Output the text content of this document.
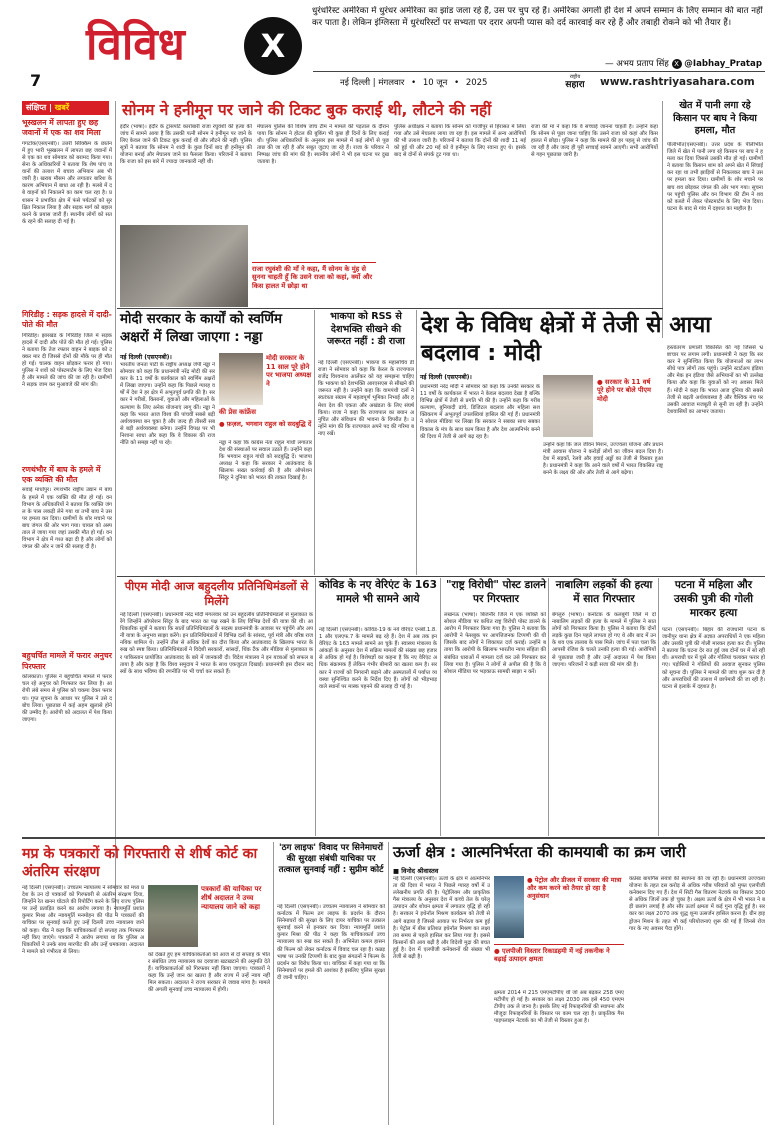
विविध	X
7
धुरंधरिस्ट अमेरिका में धुरंधर अमेरिका का झांड जला रहे हैं, उस पर चुप रहे हैं। अमेरिका अगली ही देश में अपने सम्मान के लिए सम्मान की बात नहीं कर पाता है। लेकिन इंग्लिस्ता में धुरंधरिस्टों पर सभ्यता पर दरार अपनी प्यास को दर्द कारवाई कर रहे हैं और तबाही रोकने को भी तैयार हैं।
— अभय प्रताप सिंह X @Iabhay_Pratap
नई दिल्ली | मंगलवार • 10 जून • 2025
राष्ट्रीय
सहारा	www.rashtriyasahara.com
संक्षिप्त | खबरें
भूस्खलन में लापता हुए छह जवानों में एक का शव मिला
गंगटोक(एसएनबी)। उत्तरी सिक्किम के छातेन में हुए भारी भूस्खलन में लापता छह जवानों में से एक का शव सोमवार को बरामद किया गया। सेना के अधिकारियों ने बताया कि शेष पांच जवानों की तलाश में बचाव अभियान अब भी जारी है। खराब मौसम और लगातार बारिश के कारण अभियान में बाधा आ रही है। मलबे में दबे वाहनों को निकालने का काम चल रहा है। प्रशासन ने प्रभावित क्षेत्र में फंसे पर्यटकों को सुरक्षित निकाल लिया है और सड़क मार्ग को बहाल करने के प्रयास जारी हैं। स्थानीय लोगों को सतर्क रहने की सलाह दी गई है।
गिरिडीह : सड़क हादसे में दादी-पोते की मौत
गिरिडीह। झारखंड के गिरिडीह जिले में सड़क हादसे में दादी और पोते की मौत हो गई। पुलिस ने बताया कि तेज रफ्तार वाहन ने बाइक को टक्कर मार दी जिससे दोनों की मौके पर ही मौत हो गई। चालक वाहन छोड़कर फरार हो गया। पुलिस ने शवों को पोस्टमार्टम के लिए भेज दिया है और मामले की जांच की जा रही है। ग्रामीणों ने सड़क जाम कर मुआवजे की मांग की।
रणथंभौर में बाघ के हमले में एक व्यक्ति की मौत
सवाई माधोपुर। रणथंभौर राष्ट्रीय उद्यान में बाघ के हमले में एक व्यक्ति की मौत हो गई। वन विभाग के अधिकारियों ने बताया कि व्यक्ति जंगल के पास लकड़ी लेने गया था तभी बाघ ने उस पर हमला कर दिया। ग्रामीणों के शोर मचाने पर बाघ जंगल की ओर भाग गया। घायल को अस्पताल ले जाया गया जहां उसकी मौत हो गई। वन विभाग ने क्षेत्र में गश्त बढ़ा दी है और लोगों को जंगल की ओर न जाने की सलाह दी है।
बहुचर्चित मामले में फरार अनुचर पिरफ्तार
कोलकाता। पुलिस ने बहुचर्चित मामले में फरार चल रहे अनुचर को गिरफ्तार कर लिया है। आरोपी लंबे समय से पुलिस को चकमा देकर फरार था। गुप्त सूचना के आधार पर पुलिस ने उसे दबोच लिया। पूछताछ में कई अहम खुलासे होने की उम्मीद है। आरोपी को अदालत में पेश किया जाएगा।
सोनम ने हनीमून पर जाने की टिकट बुक कराई थी, लौटने की नहीं
इंदौर (भाषा)। इंदौर के ट्रांसपोर्ट कारोबारी राजा रघुवंशी की हत्या की जांच में सामने आया है कि उसकी पत्नी सोनम ने हनीमून पर जाने के लिए केवल जाने की टिकट बुक कराई थी और लौटने की नहीं। पुलिस सूत्रों ने बताया कि सोनम ने शादी के कुछ दिनों बाद ही हनीमून की योजना बनाई और मेघालय जाने का फैसला किया। परिजनों ने बताया कि राजा को इस बारे में ज्यादा जानकारी नहीं थी।
मेघालय पुलिस की विशेष जांच टीम ने मामले की पड़ताल के दौरान पाया कि सोनम ने होटल की बुकिंग भी कुछ ही दिनों के लिए कराई थी। पुलिस अधिकारियों के अनुसार इस मामले में कई लोगों से पूछताछ की जा रही है और सबूत जुटाए जा रहे हैं। राजा के परिवार ने निष्पक्ष जांच की मांग की है। स्थानीय लोगों ने भी इस घटना पर दुख जताया है।
पुलिस अधीक्षक ने बताया कि सोनम को गाजीपुर से हिरासत में लिया गया और उसे मेघालय लाया जा रहा है। इस मामले में अन्य आरोपियों की भी तलाश जारी है। परिजनों ने बताया कि दोनों की शादी 11 मई को हुई थी और 20 मई को वे हनीमून के लिए रवाना हुए थे। इसके बाद से दोनों से संपर्क टूट गया था।
राजा की मां ने कहा कि वे सच्चाई जानना चाहती हैं। उन्होंने कहा कि सोनम से पूछा जाना चाहिए कि उसने राजा को कहां और किस हालत में छोड़ा। पुलिस ने कहा कि मामले की हर पहलू से जांच की जा रही है और जल्द ही पूरी सच्चाई सामने आएगी। सभी आरोपियों से गहन पूछताछ जारी है।
राजा रघुवंशी की माँ ने कहा, मैं सोनम के मुंह से सुनना चाहती हूँ कि उसने राजा को कहां, क्यों और किस हालत में छोड़ा था
खेत में पानी लगा रहे किसान पर बाघ ने किया हमला, मौत
पीलीभीत(एसएनबी)। उत्तर प्रदेश के पीलीभीत जिले में खेत में पानी लगा रहे किसान पर बाघ ने हमला कर दिया जिससे उसकी मौत हो गई। ग्रामीणों ने बताया कि किसान शाम को अपने खेत में सिंचाई कर रहा था तभी झाड़ियों से निकलकर बाघ ने उस पर हमला कर दिया। ग्रामीणों के शोर मचाने पर बाघ शव छोड़कर जंगल की ओर भाग गया। सूचना पर पहुंची पुलिस और वन विभाग की टीम ने शव को कब्जे में लेकर पोस्टमार्टम के लिए भेज दिया। घटना के बाद से गांव में दहशत का माहौल है।
मोदी सरकार के कार्यों को स्वर्णिम अक्षरों में लिखा जाएगा : नड्डा
नई दिल्ली (एसएनबी)।
भारतीय जनता पार्टी के राष्ट्रीय अध्यक्ष जेपी नड्डा ने सोमवार को कहा कि प्रधानमंत्री नरेंद्र मोदी की सरकार के 11 वर्षों के कार्यकाल को स्वर्णिम अक्षरों में लिखा जाएगा। उन्होंने कहा कि पिछले ग्यारह वर्षों में देश ने हर क्षेत्र में अभूतपूर्व प्रगति की है। सरकार ने गरीबों, किसानों, युवाओं और महिलाओं के कल्याण के लिए अनेक योजनाएं लागू कीं। नड्डा ने कहा कि भारत आज विश्व की पांचवीं सबसे बड़ी अर्थव्यवस्था बन चुका है और जल्द ही तीसरी सबसे बड़ी अर्थव्यवस्था बनेगा। उन्होंने विपक्ष पर भी निशाना साधा और कहा कि वे विकास की राजनीति को समझ नहीं पा रहे।
मोदी सरकार के 11 साल पूरे होने पर भाजपा अध्यक्ष ने
की प्रेस कांफ्रेंस
● फ़ज़ल, भगवान राहुल को सदबुद्धि दें
नड्डा ने कहा कि कांग्रेस नेता राहुल गांधी लगातार देश की संस्थाओं पर सवाल उठाते हैं। उन्होंने कहा कि भगवान राहुल गांधी को सदबुद्धि दें। भाजपा अध्यक्ष ने कहा कि सरकार ने आतंकवाद के खिलाफ सख्त कार्रवाई की है और ऑपरेशन सिंदूर ने दुनिया को भारत की ताकत दिखाई है।
भाकपा को RSS से देशभक्ति सीखने की जरूरत नहीं : डी राजा
नई दिल्ली (एसएनबी)। भाकपा के महासचिव डी राजा ने सोमवार को कहा कि केरल के राज्यपाल राजेंद्र विश्वनाथ आर्लेकर को यह समझना चाहिए कि भाकपा को देशभक्ति आरएसएस से सीखने की जरूरत नहीं है। उन्होंने कहा कि वामपंथी दलों ने स्वतंत्रता संग्राम में महत्वपूर्ण भूमिका निभाई और हमेशा देश की एकता और अखंडता के लिए संघर्ष किया। राजा ने कहा कि राज्यपाल का बयान अनुचित और संविधान की भावना के विपरीत है। उन्होंने मांग की कि राज्यपाल अपने पद की गरिमा बनाए रखें।
देश के विविध क्षेत्रों में तेजी से आया बदलाव : मोदी
नई दिल्ली (एसएनबी)।
प्रधानमंत्री नरेंद्र मोदी ने सोमवार को कहा कि उनकी सरकार के 11 वर्षों के कार्यकाल में भारत ने केवल बदलाव देखा है बल्कि विभिन्न क्षेत्रों में तेजी से प्रगति भी की है। उन्होंने कहा कि गरीब कल्याण, बुनियादी ढांचे, डिजिटल बदलाव और महिला सशक्तिकरण में अभूतपूर्व उपलब्धियां हासिल की गई हैं। प्रधानमंत्री ने सोशल मीडिया पर लिखा कि सरकार ने सबका साथ सबका विकास के मंत्र के साथ काम किया है और देश आत्मनिर्भर बनने की दिशा में तेजी से आगे बढ़ रहा है।
● सरकार के 11 वर्ष पूरे होने पर बोले पीएम मोदी
उन्होंने कहा कि जल जीवन मिशन, उज्ज्वला योजना और प्रधानमंत्री आवास योजना ने करोड़ों लोगों का जीवन बदल दिया है। देश में सड़कों, रेलवे और हवाई अड्डों का तेजी से विस्तार हुआ है। प्रधानमंत्री ने कहा कि आने वाले वर्षों में भारत विकसित राष्ट्र बनने के लक्ष्य की ओर और तेजी से आगे बढ़ेगा।
हस्तांतरण प्रणाली विकसित की गई जिससे भ्रष्टाचार पर लगाम लगी। प्रधानमंत्री ने कहा कि सरकार ने सुनिश्चित किया कि योजनाओं का लाभ सीधे पात्र लोगों तक पहुंचे। उन्होंने स्टार्टअप इंडिया और मेक इन इंडिया जैसे अभियानों का भी उल्लेख किया और कहा कि युवाओं को नए अवसर मिले हैं। मोदी ने कहा कि भारत आज दुनिया की सबसे तेजी से बढ़ती अर्थव्यवस्था है और वैश्विक मंच पर उसकी आवाज मजबूती से सुनी जा रही है। उन्होंने देशवासियों का आभार जताया।
पीएम मोदी आज बहुदलीय प्रतिनिधिमंडलों से मिलेंगे
नई दिल्ली (एसएनबी)। प्रधानमंत्री नरेंद्र मोदी मंगलवार को उन बहुदलीय प्रतिनिधिमंडलों से मुलाकात करेंगे जिन्होंने ऑपरेशन सिंदूर के बाद भारत का पक्ष रखने के लिए विभिन्न देशों की यात्रा की थी। आधिकारिक सूत्रों ने बताया कि सातों प्रतिनिधिमंडलों के सदस्य प्रधानमंत्री के आवास पर पहुंचेंगे और अपनी यात्रा के अनुभव साझा करेंगे। इन प्रतिनिधिमंडलों में विभिन्न दलों के सांसद, पूर्व मंत्री और वरिष्ठ राजनयिक शामिल थे। उन्होंने तीस से अधिक देशों का दौरा किया और आतंकवाद के खिलाफ भारत के रुख को स्पष्ट किया। प्रतिनिधिमंडलों ने विदेशी सरकारों, सांसदों, थिंक टैंक और मीडिया से मुलाकात कर पाकिस्तान प्रायोजित आतंकवाद के बारे में जानकारी दी। विदेश मंत्रालय ने इन यात्राओं को सफल बताया है और कहा है कि विश्व समुदाय ने भारत के साथ एकजुटता दिखाई। प्रधानमंत्री इस दौरान सदस्यों के साथ भविष्य की रणनीति पर भी चर्चा कर सकते हैं।
कोविड के नए वेरिएंट के 163 मामले भी सामने आये
नई दिल्ली (एसएनबी)। कोविड-19 के नये वेरिएंट एनबी.1.8.1 और एलएफ.7 के मामले बढ़ रहे हैं। देश में अब तक इन वेरिएंट के 163 मामले सामने आ चुके हैं। स्वास्थ्य मंत्रालय के आंकड़ों के अनुसार देश में सक्रिय मामलों की संख्या छह हजार से अधिक हो गई है। विशेषज्ञों का कहना है कि नए वेरिएंट अधिक संक्रामक हैं लेकिन गंभीर बीमारी का खतरा कम है। सरकार ने राज्यों को निगरानी बढ़ाने और अस्पतालों में पर्याप्त व्यवस्था सुनिश्चित करने के निर्देश दिए हैं। लोगों को भीड़भाड़ वाले स्थानों पर मास्क पहनने की सलाह दी गई है।
"राष्ट्र विरोधी" पोस्ट डालने पर गिरफ्तार
लखनऊ (भाषा)। बिजनौर जिले में एक व्यक्ति को सोशल मीडिया पर कथित राष्ट्र विरोधी पोस्ट डालने के आरोप में गिरफ्तार किया गया है। पुलिस ने बताया कि आरोपी ने फेसबुक पर आपत्तिजनक टिप्पणी की थी जिसके बाद लोगों ने शिकायत दर्ज कराई। उन्होंने बताया कि आरोपी के खिलाफ भारतीय न्याय संहिता की संबंधित धाराओं में मामला दर्ज कर उसे गिरफ्तार कर लिया गया है। पुलिस ने लोगों से अपील की है कि वे सोशल मीडिया पर भड़काऊ सामग्री साझा न करें।
नाबालिग लड़कों की हत्या में सात गिरफ्तार
बेंगलुरु (भाषा)। कर्नाटक के कलबुर्गी जिले में दो नाबालिग लड़कों की हत्या के मामले में पुलिस ने सात लोगों को गिरफ्तार किया है। पुलिस ने बताया कि दोनों लड़के कुछ दिन पहले लापता हो गए थे और बाद में उनके शव एक तालाब के पास मिले। जांच में पता चला कि आपसी रंजिश के चलते उनकी हत्या की गई। आरोपियों से पूछताछ जारी है और उन्हें अदालत में पेश किया जाएगा। परिजनों ने कड़ी सजा की मांग की है।
पटना में महिला और उसकी पुत्री की गोली मारकर हत्या
पटना (एसएनबी)। बिहार की राजधानी पटना के जानीपुर थाना क्षेत्र में अज्ञात अपराधियों ने एक महिला और उसकी पुत्री की गोली मारकर हत्या कर दी। पुलिस ने बताया कि घटना देर रात हुई जब दोनों घर में सो रही थीं। अपराधी घर में घुसे और गोलियां चलाकर फरार हो गए। पड़ोसियों ने गोलियों की आवाज सुनकर पुलिस को सूचना दी। पुलिस ने मामले की जांच शुरू कर दी है और अपराधियों की तलाश में छापेमारी की जा रही है। घटना से इलाके में दहशत है।
मप्र के पत्रकारों को गिरफ्तारी से शीर्ष कोर्ट का अंतरिम संरक्षण
नई दिल्ली (एसएनबी)। उच्चतम न्यायालय ने सोमवार को मध्य प्रदेश के उन दो पत्रकारों को गिरफ्तारी से अंतरिम संरक्षण दिया, जिन्होंने रेत खनन घोटाले की रिपोर्टिंग करने के लिए राज्य पुलिस पर उन्हें प्रताड़ित करने का आरोप लगाया है। न्यायमूर्ति प्रशांत कुमार मिश्रा और न्यायमूर्ति मनमोहन की पीठ ने पत्रकारों की याचिका पर सुनवाई करते हुए उन्हें दिल्ली उच्च न्यायालय जाने को कहा। पीठ ने कहा कि याचिकाकर्ता दो सप्ताह तक गिरफ्तार नहीं किए जाएंगे। पत्रकारों ने आरोप लगाया था कि पुलिस अधिकारियों ने उनके साथ मारपीट की और उन्हें धमकाया। अदालत ने मामले को गंभीरता से लिया।
पत्रकारों की याचिका पर शीर्ष अदालत ने उच्च न्यायालय जाने को कहा
को देखते हुए हम याचिकाकर्ताओं को आज से दो सप्ताह के भीतर संबंधित उच्च न्यायालय का दरवाजा खटखटाने की अनुमति देते हैं। याचिकाकर्ताओं को गिरफ्तार नहीं किया जाएगा। पत्रकारों ने कहा कि उन्हें जान का खतरा है और राज्य में उन्हें न्याय नहीं मिल सकता। अदालत ने राज्य सरकार से जवाब मांगा है। मामले की अगली सुनवाई उच्च न्यायालय में होगी।
'ठग लाइफ' विवाद पर सिनेमाघरों की सुरक्षा संबंधी याचिका पर तत्काल सुनवाई नहीं : सुप्रीम कोर्ट
नई दिल्ली (एसएनबी)। उच्चतम न्यायालय ने सोमवार को कर्नाटक में फिल्म ठग लाइफ के प्रदर्शन के दौरान सिनेमाघरों की सुरक्षा के लिए दायर याचिका पर तत्काल सुनवाई करने से इनकार कर दिया। न्यायमूर्ति प्रशांत कुमार मिश्रा की पीठ ने कहा कि याचिकाकर्ता उच्च न्यायालय का रुख कर सकते हैं। अभिनेता कमल हासन की फिल्म को लेकर कर्नाटक में विवाद चल रहा है। कन्नड़ भाषा पर उनकी टिप्पणी के बाद कुछ संगठनों ने फिल्म के प्रदर्शन का विरोध किया था। याचिका में कहा गया था कि सिनेमाघरों पर हमले की आशंका है इसलिए पुलिस सुरक्षा दी जानी चाहिए।
ऊर्जा क्षेत्र : आत्मनिर्भरता की कामयाबी का क्रम जारी
■ विनोद श्रीवास्तव
नई दिल्ली (एसएनबी)। ऊर्जा के क्षेत्र में आत्मनिर्भरता की दिशा में भारत ने पिछले ग्यारह वर्षों में उल्लेखनीय प्रगति की है। पेट्रोलियम और प्राकृतिक गैस मंत्रालय के अनुसार देश में कच्चे तेल के घरेलू उत्पादन और शोधन क्षमता में लगातार वृद्धि हो रही है। सरकार ने इथेनॉल मिश्रण कार्यक्रम को तेजी से आगे बढ़ाया है जिससे आयात पर निर्भरता कम हुई है। पेट्रोल में बीस प्रतिशत इथेनॉल मिश्रण का लक्ष्य तय समय से पहले हासिल कर लिया गया है। इससे किसानों की आय बढ़ी है और विदेशी मुद्रा की बचत हुई है। देश में एलपीजी कनेक्शनों की संख्या भी तेजी से बढ़ी है।
● पेट्रोल और डीजल में सरकार की मात्रा और कम करने को तैयार हो रहा है अनुसंधान
● एलपीजी विस्तार रिकाडहमी में नई तकनीक ने बढ़ाई उत्पादन क्षमता
क्षमता 2014 में 215 एमएमटीपीए थी जो अब बढ़कर 258 एमएमटीपीए हो गई है। सरकार का लक्ष्य 2030 तक इसे 450 एमएमटीपीए तक ले जाना है। इसके लिए नई रिफाइनरियों की स्थापना और मौजूदा रिफाइनरियों के विस्तार पर काम चल रहा है। प्राकृतिक गैस पाइपलाइन नेटवर्क का भी तेजी से विस्तार हुआ है।
कंप्रेस्ड बायोगैस संयंत्रों की स्थापना की जा रही है। प्रधानमंत्री उज्ज्वला योजना के तहत दस करोड़ से अधिक गरीब परिवारों को मुफ्त एलपीजी कनेक्शन दिए गए हैं। देश में सिटी गैस वितरण नेटवर्क का विस्तार 300 से अधिक जिलों तक हो चुका है। अक्षय ऊर्जा के क्षेत्र में भी भारत ने बड़ी छलांग लगाई है और सौर ऊर्जा क्षमता में कई गुना वृद्धि हुई है। सरकार का लक्ष्य 2070 तक शुद्ध शून्य उत्सर्जन हासिल करना है। ग्रीन हाइड्रोजन मिशन के तहत भी कई परियोजनाएं शुरू की गई हैं जिनसे रोजगार के नए अवसर पैदा होंगे।
